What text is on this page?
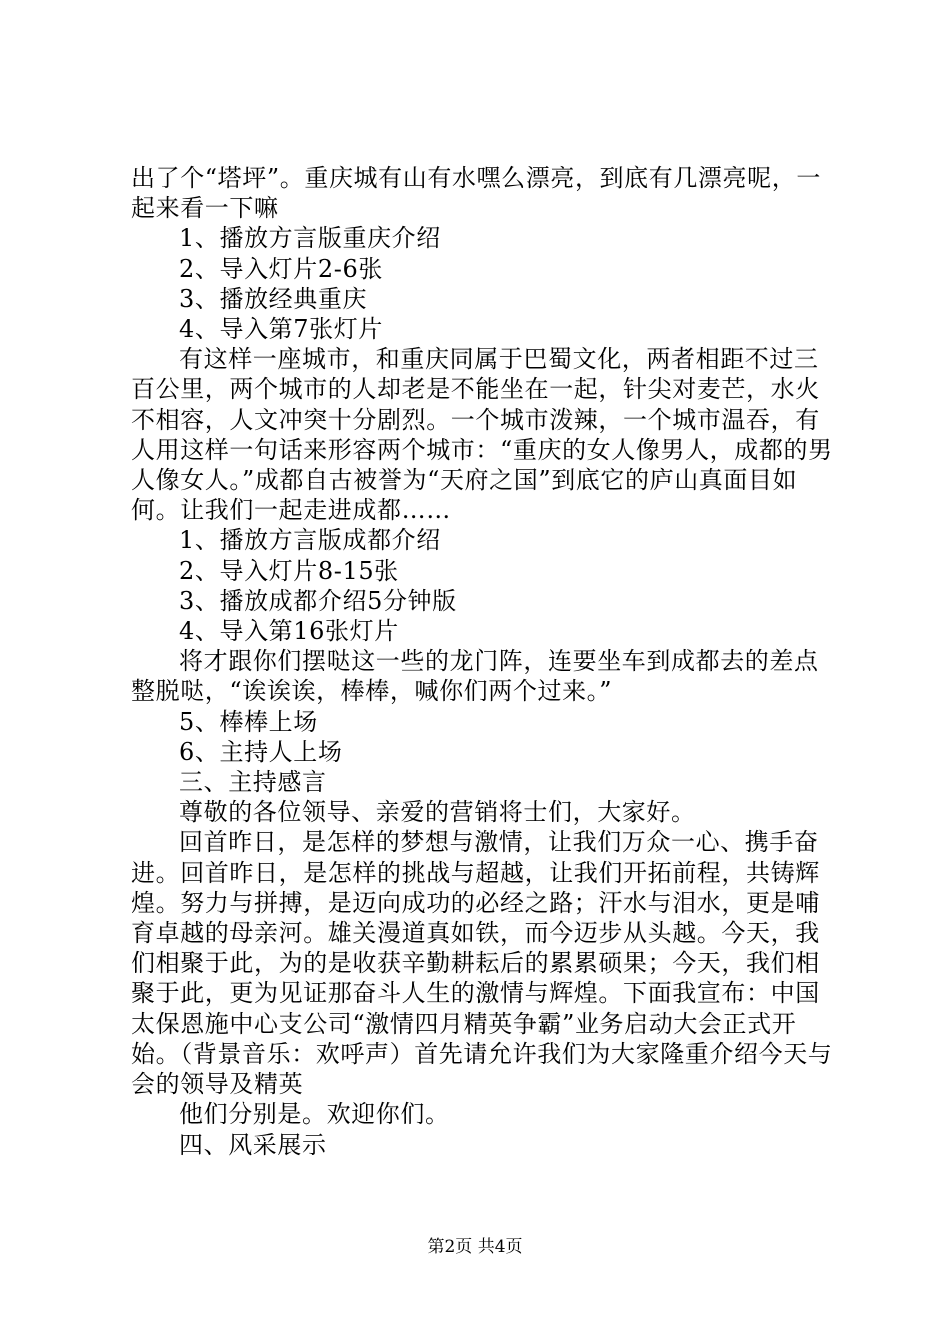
出了个“塔坪”。重庆城有山有水嘿么漂亮，到底有几漂亮呢，一起来看一下嘛

1、播放方言版重庆介绍

2、导入灯片2-6张

3、播放经典重庆

4、导入第7张灯片

有这样一座城市，和重庆同属于巴蜀文化，两者相距不过三百公里，两个城市的人却老是不能坐在一起，针尖对麦芒，水火不相容，人文冲突十分剧烈。一个城市泼辣，一个城市温吞，有人用这样一句话来形容两个城市：“重庆的女人像男人，成都的男人像女人。”成都自古被誉为“天府之国”到底它的庐山真面目如何。让我们一起走进成都……

1、播放方言版成都介绍

2、导入灯片8-15张

3、播放成都介绍5分钟版

4、导入第16张灯片

将才跟你们摆哒这一些的龙门阵，连要坐车到成都去的差点整脱哒，“诶诶诶，棒棒，喊你们两个过来。”

5、棒棒上场

6、主持人上场

三、主持感言

尊敬的各位领导、亲爱的营销将士们，大家好。

回首昨日，是怎样的梦想与激情，让我们万众一心、携手奋进。回首昨日，是怎样的挑战与超越，让我们开拓前程，共铸辉煌。努力与拼搏，是迈向成功的必经之路；汗水与泪水，更是哺育卓越的母亲河。雄关漫道真如铁，而今迈步从头越。今天，我们相聚于此，为的是收获辛勤耕耘后的累累硕果；今天，我们相聚于此，更为见证那奋斗人生的激情与辉煌。下面我宣布：中国太保恩施中心支公司“激情四月精英争霸”业务启动大会正式开始。（背景音乐：欢呼声）首先请允许我们为大家隆重介绍今天与会的领导及精英

他们分别是。欢迎你们。

四、风采展示

第2页 共4页
